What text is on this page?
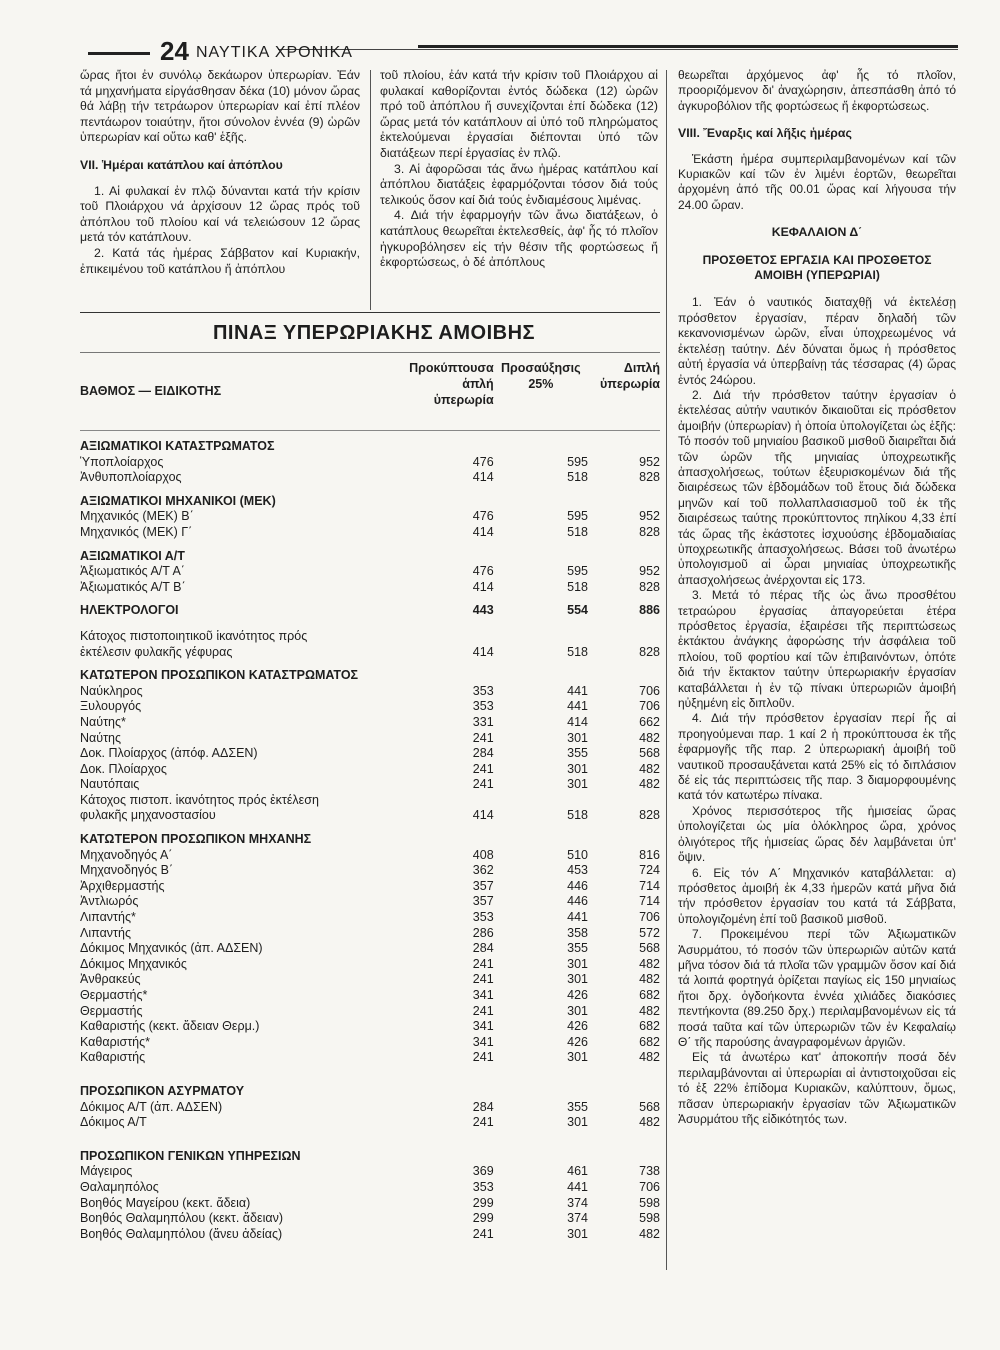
24 ΝΑΥΤΙΚΑ ΧΡΟΝΙΚΑ

ὥρας ἤτοι ἐν συνόλῳ δεκάωρον ὑπερωρίαν. Ἐάν τά μηχανήματα εἰργάσθησαν δέκα (10) μόνον ὥρας θά λάβῃ τήν τετράωρον ὑπερωρίαν καί ἐπί πλέον πεντάωρον τοιαύτην, ἤτοι σύνολον ἐννέα (9) ὡρῶν ὑπερωρίαν καί οὕτω καθ' ἑξῆς.

VII. Ἡμέραι κατάπλου καί ἀπόπλου

1. Αἱ φυλακαί ἐν πλῷ δύνανται κατά τήν κρίσιν τοῦ Πλοιάρχου νά ἀρχίσουν 12 ὥρας πρός τοῦ ἀπόπλου τοῦ πλοίου καί νά τελειώσουν 12 ὥρας μετά τόν κατάπλουν.

2. Κατά τάς ἡμέρας Σάββατον καί Κυριακήν, ἐπικειμένου τοῦ κατάπλου ἤ ἀπόπλου

τοῦ πλοίου, ἐάν κατά τήν κρίσιν τοῦ Πλοιάρχου αἱ φυλακαί καθορίζονται ἐντός δώδεκα (12) ὡρῶν πρό τοῦ ἀπόπλου ἤ συνεχίζονται ἐπί δώδεκα (12) ὥρας μετά τόν κατάπλουν αἱ ὑπό τοῦ πληρώματος ἐκτελούμεναι ἐργασίαι διέπονται ὑπό τῶν διατάξεων περί ἐργασίας ἐν πλῷ.

3. Αἱ ἀφορῶσαι τάς ἄνω ἡμέρας κατάπλου καί ἀπόπλου διατάξεις ἐφαρμόζονται τόσον διά τούς τελικούς ὅσον καί διά τούς ἐνδιαμέσους λιμένας.

4. Διά τήν ἐφαρμογήν τῶν ἄνω διατάξεων, ὁ κατάπλους θεωρεῖται ἐκτελεσθείς, ἀφ' ἧς τό πλοῖον ἠγκυροβόλησεν εἰς τήν θέσιν τῆς φορτώσεως ἤ ἐκφορτώσεως, ὁ δέ ἀπόπλους

θεωρεῖται ἀρχόμενος ἀφ' ἧς τό πλοῖον, προοριζόμενον δι' ἀναχώρησιν, ἀπεσπάσθη ἀπό τό ἀγκυροβόλιον τῆς φορτώσεως ἤ ἐκφορτώσεως.

VIII. Ἔναρξις καί λῆξις ἡμέρας

Ἑκάστη ἡμέρα συμπεριλαμβανομένων καί τῶν Κυριακῶν καί τῶν ἐν λιμένι ἑορτῶν, θεωρεῖται ἀρχομένη ἀπό τῆς 00.01 ὥρας καί λήγουσα τήν 24.00 ὥραν.

ΚΕΦΑΛΑΙΟΝ Δ΄

ΠΡΟΣΘΕΤΟΣ ΕΡΓΑΣΙΑ ΚΑΙ ΠΡΟΣΘΕΤΟΣ ΑΜΟΙΒΗ (ΥΠΕΡΩΡΙΑΙ)

1. Ἐάν ὁ ναυτικός διαταχθῇ νά ἐκτελέσῃ πρόσθετον ἐργασίαν, πέραν δηλαδή τῶν κεκανονισμένων ὡρῶν, εἶναι ὑποχρεωμένος νά ἐκτελέσῃ ταύτην. Δέν δύναται ὅμως ἡ πρόσθετος αὐτή ἐργασία νά ὑπερβαίνῃ τάς τέσσαρας (4) ὥρας ἐντός 24ώρου.

2. Διά τήν πρόσθετον ταύτην ἐργασίαν ὁ ἐκτελέσας αὐτήν ναυτικόν δικαιοῦται εἰς πρόσθετον ἀμοιβήν (ὑπερωρίαν) ἡ ὁποία ὑπολογίζεται ὡς ἑξῆς: Τό ποσόν τοῦ μηνιαίου βασικοῦ μισθοῦ διαιρεῖται διά τῶν ὡρῶν τῆς μηνιαίας ὑποχρεωτικῆς ἀπασχολήσεως, τούτων ἐξευρισκομένων διά τῆς διαιρέσεως τῶν ἑβδομάδων τοῦ ἔτους διά δώδεκα μηνῶν καί τοῦ πολλαπλασιασμοῦ τοῦ ἐκ τῆς διαιρέσεως ταύτης προκύπτοντος πηλίκου 4,33 ἐπί τάς ὥρας τῆς ἑκάστοτες ἰσχυούσης ἑβδομαδιαίας ὑποχρεωτικῆς ἀπασχολήσεως. Βάσει τοῦ ἀνωτέρω ὑπολογισμοῦ αἱ ὧραι μηνιαίας ὑποχρεωτικῆς ἀπασχολήσεως ἀνέρχονται εἰς 173.

3. Μετά τό πέρας τῆς ὡς ἄνω προσθέτου τετραώρου ἐργασίας ἀπαγορεύεται ἑτέρα πρόσθετος ἐργασία, ἐξαιρέσει τῆς περιπτώσεως ἐκτάκτου ἀνάγκης ἀφορώσης τήν ἀσφάλεια τοῦ πλοίου, τοῦ φορτίου καί τῶν ἐπιβαινόντων, ὁπότε διά τήν ἔκτακτον ταύτην ὑπερωριακήν ἐργασίαν καταβάλλεται ἡ ἐν τῷ πίνακι ὑπερωριῶν ἀμοιβή ηὐξημένη εἰς διπλοῦν.

4. Διά τήν πρόσθετον ἐργασίαν περί ἧς αἱ προηγούμεναι παρ. 1 καί 2 ἡ προκύπτουσα ἐκ τῆς ἐφαρμογῆς τῆς παρ. 2 ὑπερωριακή ἀμοιβή τοῦ ναυτικοῦ προσαυξάνεται κατά 25% εἰς τό διπλάσιον δέ εἰς τάς περιπτώσεις τῆς παρ. 3 διαμορφουμένης κατά τόν κατωτέρω πίνακα.

Χρόνος περισσότερος τῆς ἡμισείας ὥρας ὑπολογίζεται ὡς μία ὁλόκληρος ὥρα, χρόνος ὀλιγότερος τῆς ἡμισείας ὥρας δέν λαμβάνεται ὑπ' ὄψιν.

6. Εἰς τόν Α΄ Μηχανικόν καταβάλλεται: α) πρόσθετος ἀμοιβή ἐκ 4,33 ἡμερῶν κατά μῆνα διά τήν πρόσθετον ἐργασίαν του κατά τά Σάββατα, ὑπολογιζομένη ἐπί τοῦ βασικοῦ μισθοῦ.

7. Προκειμένου περί τῶν Ἀξιωματικῶν Ἀσυρμάτου, τό ποσόν τῶν ὑπερωριῶν αὐτῶν κατά μῆνα τόσον διά τά πλοῖα τῶν γραμμῶν ὅσον καί διά τά λοιπά φορτηγά ὁρίζεται παγίως εἰς 150 μηνιαίως ἤτοι δρχ. ὀγδοήκοντα ἐννέα χιλιάδες διακόσιες πεντήκοντα (89.250 δρχ.) περιλαμβανομένων εἰς τά ποσά ταῦτα καί τῶν ὑπερωριῶν τῶν ἐν Κεφαλαίῳ Θ΄ τῆς παρούσης ἀναγραφομένων ἀργιῶν.

Εἰς τά ἀνωτέρω κατ' ἀποκοπήν ποσά δέν περιλαμβάνονται αἱ ὑπερωρίαι αἱ ἀντιστοιχοῦσαι εἰς τό ἐξ 22% ἐπίδομα Κυριακῶν, καλύπτουν, ὅμως, πᾶσαν ὑπερωριακήν ἐργασίαν τῶν Ἀξιωματικῶν Ἀσυρμάτου τῆς εἰδικότητός των.

ΠΙΝΑΞ ΥΠΕΡΩΡΙΑΚΗΣ ΑΜΟΙΒΗΣ
ΒΑΘΜΟΣ — ΕΙΔΙΚΟΤΗΣ	Προκύπτουσα ἁπλή ὑπερωρία	Προσαύξησις 25%	Διπλή ὑπερωρία

ΑΞΙΩΜΑΤΙΚΟΙ ΚΑΤΑΣΤΡΩΜΑΤΟΣ			
Ὑποπλοίαρχος	476	595	952
Ἀνθυποπλοίαρχος	414	518	828
ΑΞΙΩΜΑΤΙΚΟΙ ΜΗΧΑΝΙΚΟΙ (ΜΕΚ)			
Μηχανικός (ΜΕΚ) Β΄	476	595	952
Μηχανικός (ΜΕΚ) Γ΄	414	518	828
ΑΞΙΩΜΑΤΙΚΟΙ Α/Τ			
Ἀξιωματικός Α/Τ Α΄	476	595	952
Ἀξιωματικός Α/Τ Β΄	414	518	828
ΗΛΕΚΤΡΟΛΟΓΟΙ	443	554	886

Κάτοχος πιστοποιητικοῦ ἱκανότητος πρός ἐκτέλεσιν φυλακῆς γέφυρας	414	518	828
ΚΑΤΩΤΕΡΟΝ ΠΡΟΣΩΠΙΚΟΝ ΚΑΤΑΣΤΡΩΜΑΤΟΣ			
Ναύκληρος	353	441	706
Ξυλουργός	353	441	706
Ναύτης*	331	414	662
Ναύτης	241	301	482
Δοκ. Πλοίαρχος (ἀπόφ. ΑΔΣΕΝ)	284	355	568
Δοκ. Πλοίαρχος	241	301	482
Ναυτόπαις	241	301	482
Κάτοχος πιστοπ. ἱκανότητος πρός ἐκτέλεση φυλακῆς μηχανοστασίου	414	518	828
ΚΑΤΩΤΕΡΟΝ ΠΡΟΣΩΠΙΚΟΝ ΜΗΧΑΝΗΣ			
Μηχανοδηγός Α΄	408	510	816
Μηχανοδηγός Β΄	362	453	724
Ἀρχιθερμαστής	357	446	714
Ἀντλιωρός	357	446	714
Λιπαντής*	353	441	706
Λιπαντής	286	358	572
Δόκιμος Μηχανικός (ἀπ. ΑΔΣΕΝ)	284	355	568
Δόκιμος Μηχανικός	241	301	482
Ἀνθρακεύς	241	301	482
Θερμαστής*	341	426	682
Θερμαστής	241	301	482
Καθαριστής (κεκτ. ἄδειαν Θερμ.)	341	426	682
Καθαριστής*	341	426	682
Καθαριστής	241	301	482

ΠΡΟΣΩΠΙΚΟΝ ΑΣΥΡΜΑΤΟΥ			
Δόκιμος Α/Τ (ἀπ. ΑΔΣΕΝ)	284	355	568
Δόκιμος Α/Τ	241	301	482

ΠΡΟΣΩΠΙΚΟΝ ΓΕΝΙΚΩΝ ΥΠΗΡΕΣΙΩΝ			
Μάγειρος	369	461	738
Θαλαμηπόλος	353	441	706
Βοηθός Μαγείρου (κεκτ. ἄδεια)	299	374	598
Βοηθός Θαλαμηπόλου (κεκτ. ἄδειαν)	299	374	598
Βοηθός Θαλαμηπόλου (ἄνευ ἀδείας)	241	301	482
